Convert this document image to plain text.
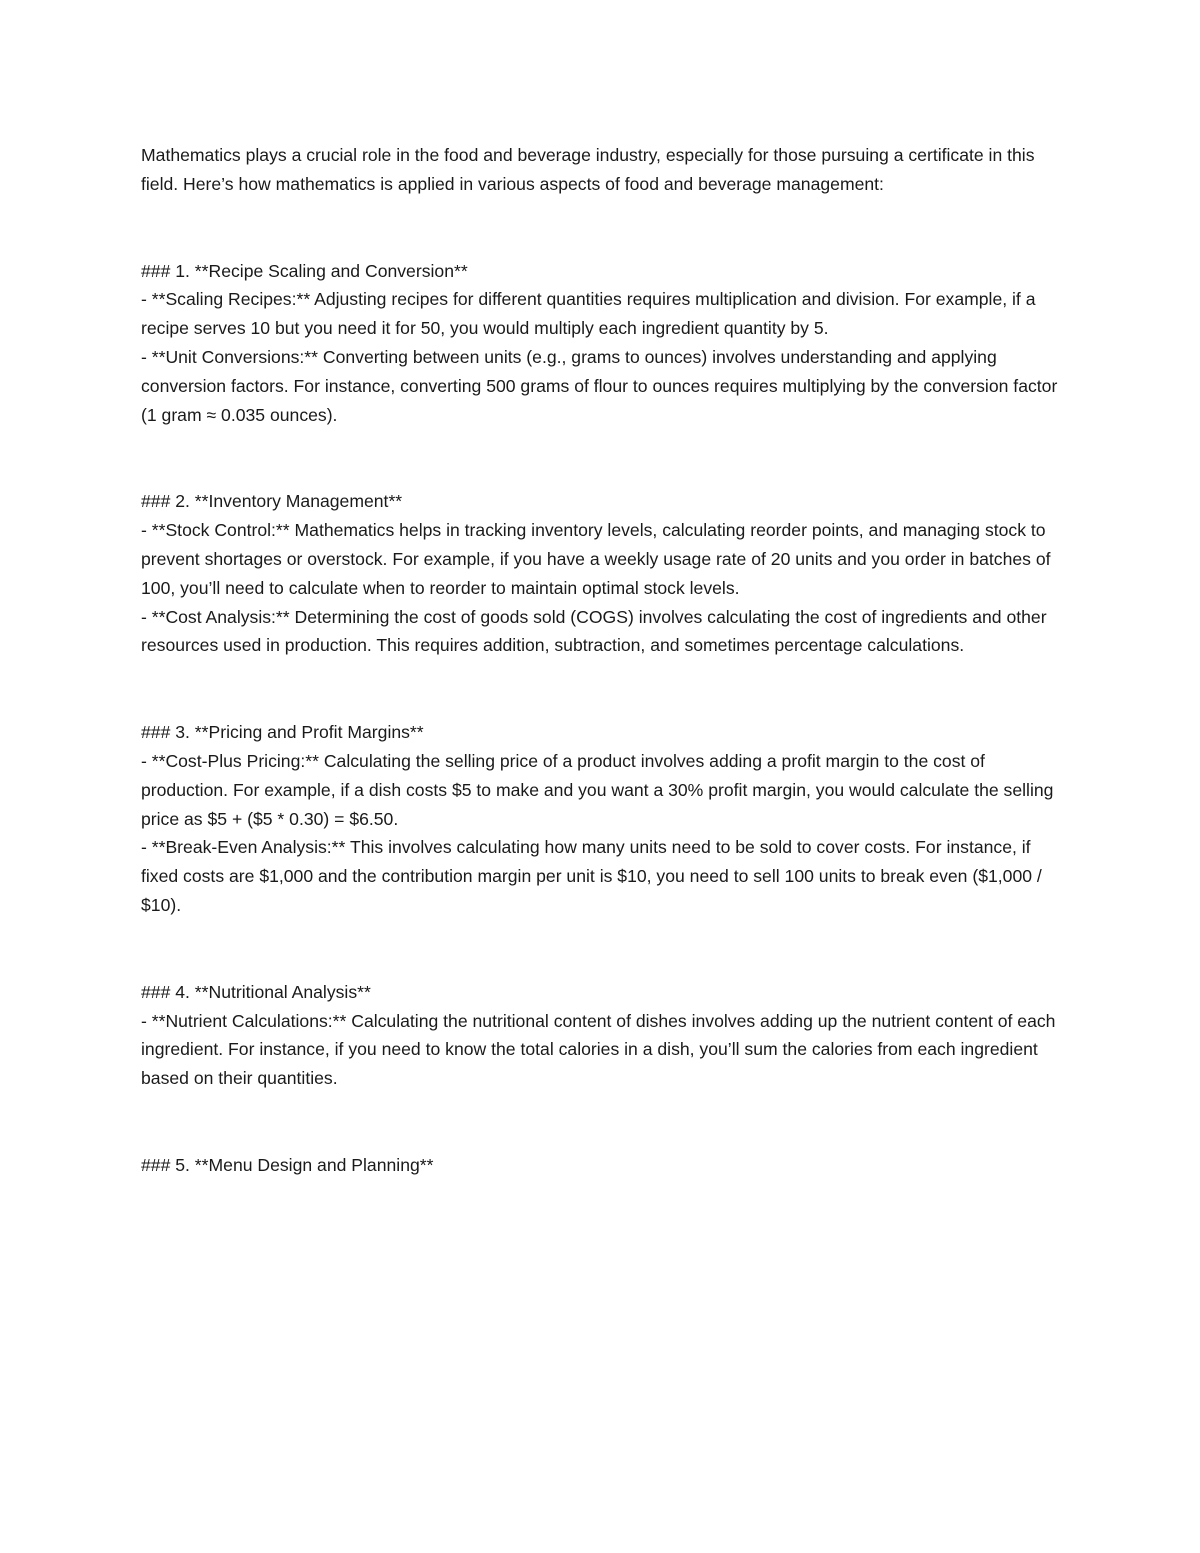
Mathematics plays a crucial role in the food and beverage industry, especially for those pursuing a certificate in this field. Here’s how mathematics is applied in various aspects of food and beverage management:

### 1. **Recipe Scaling and Conversion**

- **Scaling Recipes:** Adjusting recipes for different quantities requires multiplication and division. For example, if a recipe serves 10 but you need it for 50, you would multiply each ingredient quantity by 5.

- **Unit Conversions:** Converting between units (e.g., grams to ounces) involves understanding and applying conversion factors. For instance, converting 500 grams of flour to ounces requires multiplying by the conversion factor (1 gram ≈ 0.035 ounces).

### 2. **Inventory Management**

- **Stock Control:** Mathematics helps in tracking inventory levels, calculating reorder points, and managing stock to prevent shortages or overstock. For example, if you have a weekly usage rate of 20 units and you order in batches of 100, you’ll need to calculate when to reorder to maintain optimal stock levels.

- **Cost Analysis:** Determining the cost of goods sold (COGS) involves calculating the cost of ingredients and other resources used in production. This requires addition, subtraction, and sometimes percentage calculations.

### 3. **Pricing and Profit Margins**

- **Cost-Plus Pricing:** Calculating the selling price of a product involves adding a profit margin to the cost of production. For example, if a dish costs $5 to make and you want a 30% profit margin, you would calculate the selling price as $5 + ($5 * 0.30) = $6.50.

- **Break-Even Analysis:** This involves calculating how many units need to be sold to cover costs. For instance, if fixed costs are $1,000 and the contribution margin per unit is $10, you need to sell 100 units to break even ($1,000 / $10).

### 4. **Nutritional Analysis**

- **Nutrient Calculations:** Calculating the nutritional content of dishes involves adding up the nutrient content of each ingredient. For instance, if you need to know the total calories in a dish, you’ll sum the calories from each ingredient based on their quantities.

### 5. **Menu Design and Planning**
